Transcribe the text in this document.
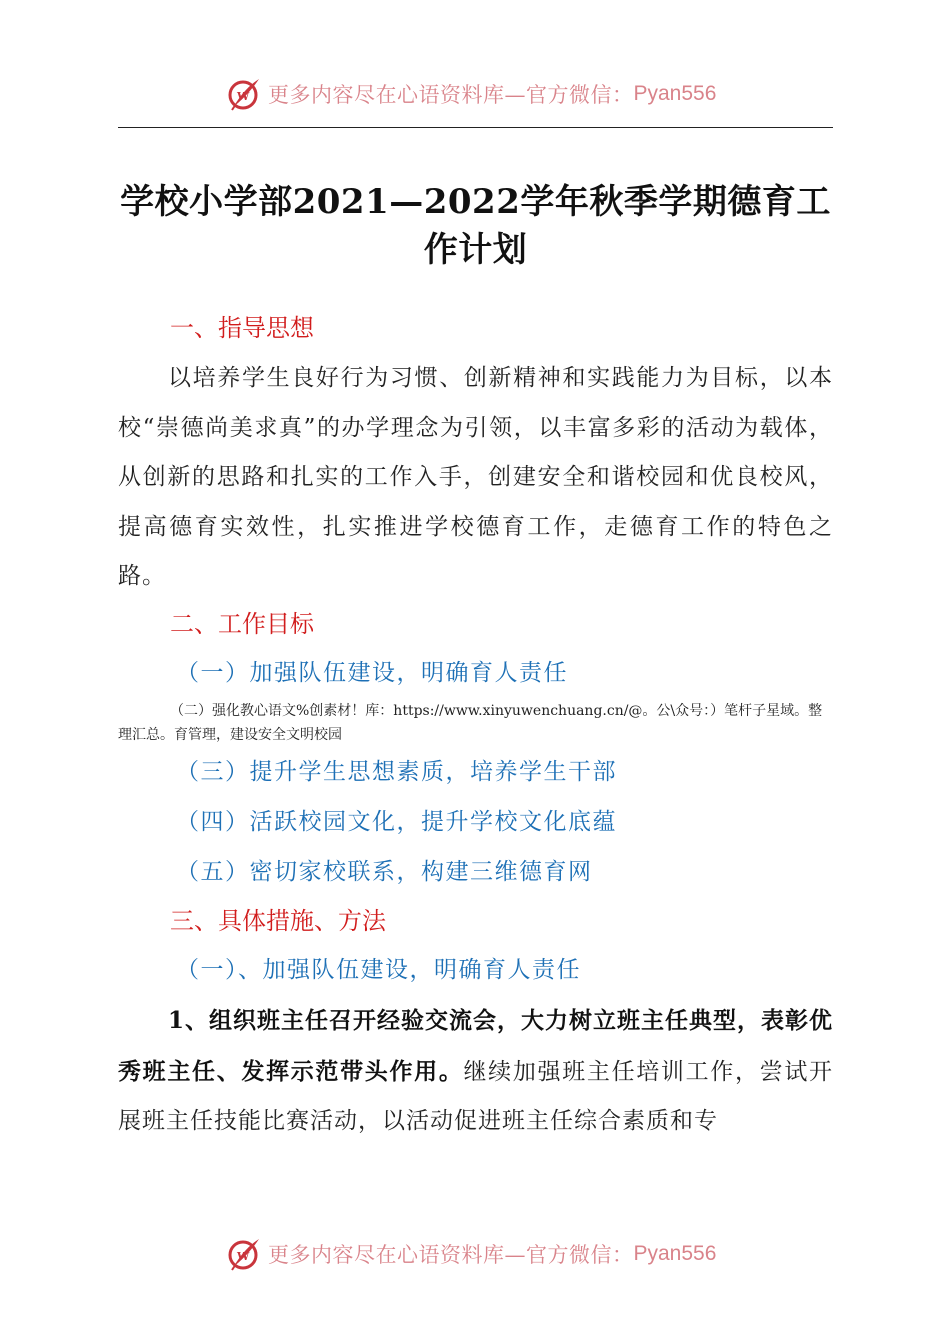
W 更多内容尽在心语资料库—官方微信： Pyan556
学校小学部2021—2022学年秋季学期德育工作计划
一、指导思想
以培养学生良好行为习惯、创新精神和实践能力为目标，以本校“崇德尚美求真”的办学理念为引领，以丰富多彩的活动为载体，从创新的思路和扎实的工作入手，创建安全和谐校园和优良校风，提高德育实效性，扎实推进学校德育工作，走德育工作的特色之路。
二、工作目标
（一）加强队伍建设，明确育人责任
（二）强化教心语文%创素材！库：https://www.xinyuwenchuang.cn/@。公\众号：）笔杆子星域。整理汇总。育管理，建设安全文明校园
（三）提升学生思想素质，培养学生干部
（四）活跃校园文化，提升学校文化底蕴
（五）密切家校联系，构建三维德育网
三、具体措施、方法
（一）、加强队伍建设，明确育人责任
1、组织班主任召开经验交流会，大力树立班主任典型，表彰优秀班主任、发挥示范带头作用。继续加强班主任培训工作，尝试开展班主任技能比赛活动，以活动促进班主任综合素质和专
W 更多内容尽在心语资料库—官方微信： Pyan556
